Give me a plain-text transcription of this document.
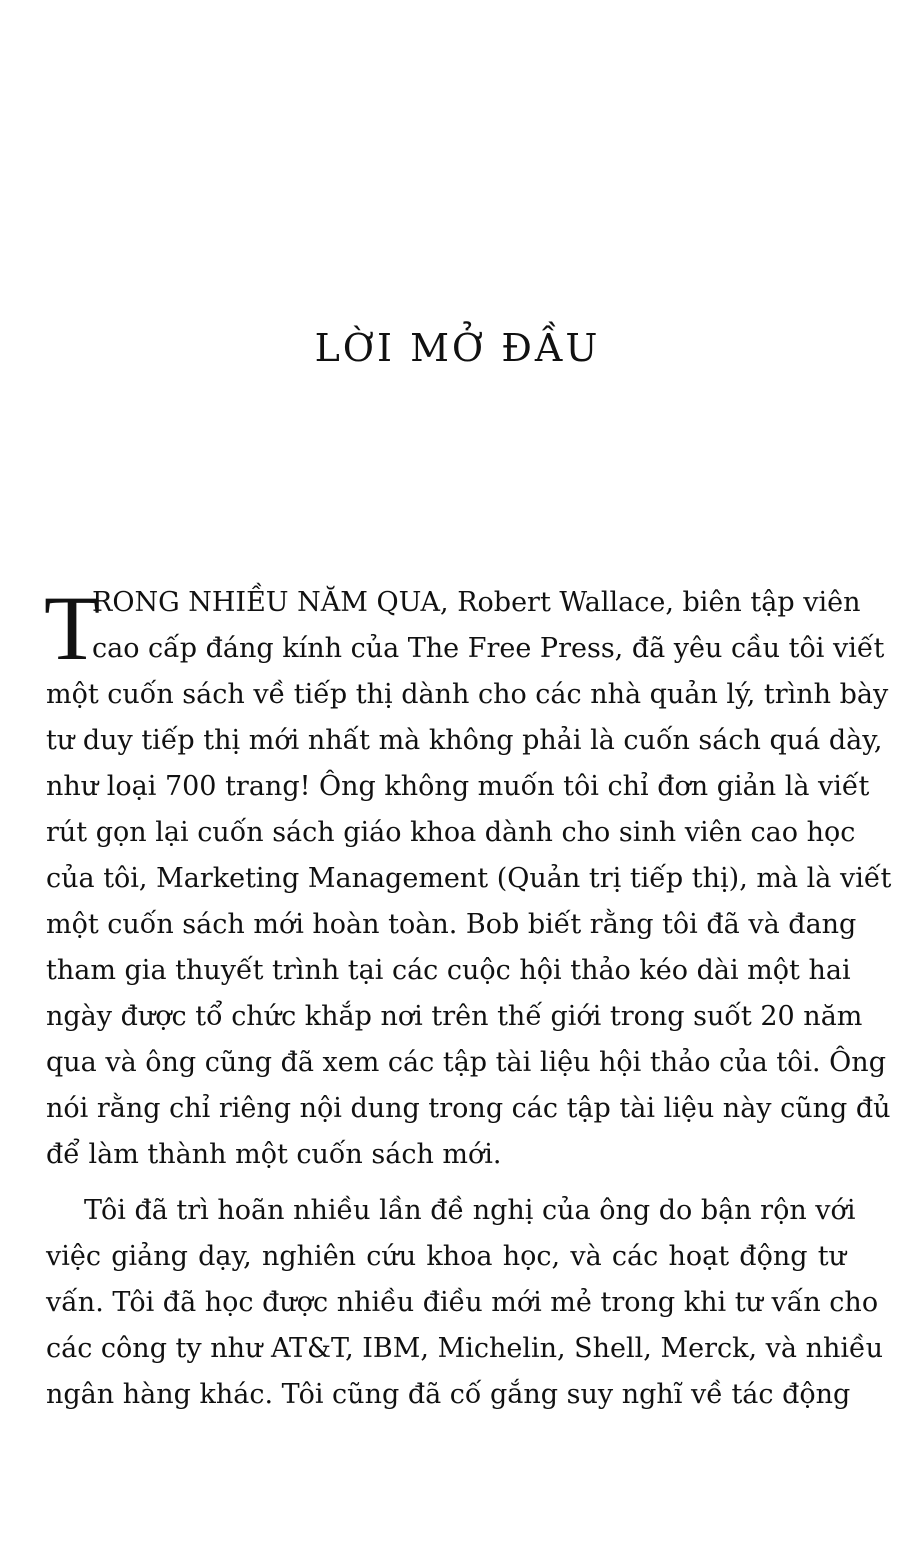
LỜI MỞ ĐẦU
T
RONG NHIỀU NĂM QUA, Robert Wallace, biên tập viên
cao cấp đáng kính của The Free Press, đã yêu cầu tôi viết
một cuốn sách về tiếp thị dành cho các nhà quản lý, trình bày
tư duy tiếp thị mới nhất mà không phải là cuốn sách quá dày,
như loại 700 trang! Ông không muốn tôi chỉ đơn giản là viết
rút gọn lại cuốn sách giáo khoa dành cho sinh viên cao học
của tôi, Marketing Management (Quản trị tiếp thị), mà là viết
một cuốn sách mới hoàn toàn. Bob biết rằng tôi đã và đang
tham gia thuyết trình tại các cuộc hội thảo kéo dài một hai
ngày được tổ chức khắp nơi trên thế giới trong suốt 20 năm
qua và ông cũng đã xem các tập tài liệu hội thảo của tôi. Ông
nói rằng chỉ riêng nội dung trong các tập tài liệu này cũng đủ
để làm thành một cuốn sách mới.
Tôi đã trì hoãn nhiều lần đề nghị của ông do bận rộn với
việc giảng dạy, nghiên cứu khoa học, và các hoạt động tư
vấn. Tôi đã học được nhiều điều mới mẻ trong khi tư vấn cho
các công ty như AT&T, IBM, Michelin, Shell, Merck, và nhiều
ngân hàng khác. Tôi cũng đã cố gắng suy nghĩ về tác động
